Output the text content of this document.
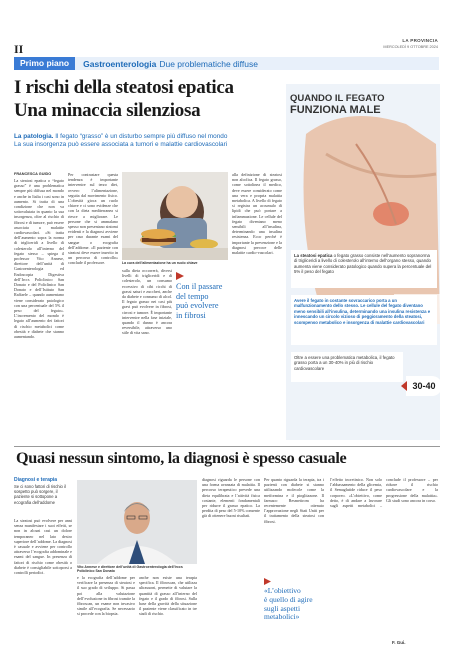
II
LA PROVINCIA
MERCOLEDÌ 9 OTTOBRE 2024
Primo piano	Gastroenterologia Due problematiche diffuse
I rischi della steatosi epatica
Una minaccia silenziosa
La patologia. Il fegato “grasso” è un disturbo sempre più diffuso nel mondo
La sua insorgenza può essere associata a tumori e malattie cardiovascolari
FRANCESCA GUIDO
La steatosi epatica o “fegato grasso” è una problematica sempre più diffusa nel mondo e anche in Italia i casi sono in aumento. Si tratta di una condizione che non va sottovalutata in quanto la sua insorgenza, oltre al rischio di fibrosi e di tumore, può essere associata a malattie cardiovascolari. «Si tratta dell’aumento sopra la norma di trigliceridi a livello di colesterolo all’interno del fegato stesso – spiega il professor Vito Annese, direttore dell’unità di Gastroenterologia ed Endoscopia Digestiva dell’Irccs Policlinico San Donato e del Policlinico San Donato e dell’Istituto San Raffaele – quando aumentano viene considerato patologico con una percentuale del 5% il peso del fegato». L’incremento del mondo è legato all’aumento dei fattori di rischio metabolici come obesità e diabete che stanno aumentando.
Per contrastare questa tendenza è importante intervenire sul terzo diet, ovvero l’alimentazione, seguita dal movimento fisico. L’obesità gioca un ruolo chiave e ci sono evidenze che con la dieta mediterranea si riesce a migliorare. Le persone che si ammalano spesso non presentano sintomi evidenti e la diagnosi avviene per caso durante esami del sangue o ecografia dell’addome. «Il paziente con steatosi deve essere inserito in un percorso di controllo» conclude il professore.	La cura dell’alimentazione ha un ruolo chiave
sulla dieta occorrerà, diversi livelli di trigliceridi e di colesterolo, un consumo eccessivo di cibi ricchi di grassi saturi e zuccheri, anche da diabete e consumo di alcol. Il fegato grasso nei casi più gravi può evolvere in fibrosi, cirrosi e tumore. È importante intervenire nella fase iniziale, quando il danno è ancora reversibile, attraverso uno stile di vita sano.
Con il passare
del tempo
può evolvere
in fibrosi
alla definizione di steatosi non alcolica. Il fegato grasso, come sottolinea il medico, deve essere considerato come una vera e propria malattia metabolica. A livello di fegato si registra un accumulo di lipidi che può portare a infiammazione. Le cellule del fegato diventano meno sensibili all’insulina, determinando una insulina resistenza. Ecco perché è importante la prevenzione e la diagnosi precoce delle malattie cardio-vascolari.
QUANDO IL FEGATO
FUNZIONA MALE
La steatosi epatica o fegato grasso consiste nell’aumento sopranorma di trigliceridi a livello di colesterolo all’interno dell’organo stesso, quando aumenta viene considerato patologico quando supera la percentuale del 5% il peso del fegato
Avere il fegato in costante sovraccarico porta a un malfunzionamento dello stesso. Le cellule del fegato diventano meno sensibili all’insulina, determinando una insulina resistenza e innescando un circolo vizioso di peggioramento della steatosi, scompenso metabolico e insorgenza di malattie cardiovascolari
Oltre a essere una problematica metabolica, il fegato grasso porta a un 30-40% in più di rischio cardiovascolare
30-40
Quasi nessun sintomo, la diagnosi è spesso casuale
Diagnosi e terapia
Se ci sono fattori di rischio il sospetto può sorgere, il paziente si sottopone a ecografia dell’addome
La steatosi può evolvere per anni senza manifestare i suoi effetti, se non in alcuni casi un dolore temporaneo nel lato destro superiore dell’addome. La diagnosi è casuale e avviene per controllo attraverso l’ecografia addominale e esami del sangue. In presenza di fattori di rischio come obesità o diabete è consigliabile sottoporsi a controlli periodici.
Vito Annese e direttore dell’unità di Gastroenterologia dell’Irccs Policlinico San Donato
e la ecografia dell’addome per verificare la presenza di steatosi e il suo grado di sviluppo. Si passa poi alla valutazione dell’evoluzione in fibrosi tramite la fibroscan, un esame non invasivo simile all’ecografia. Se necessario si procede con la biopsia.
anche non esiste una terapia specifica. Il fibroscan, che utilizza ultrasuoni, permette di valutare la quantità di grasso all’interno del fegato e il grado di fibrosi. Sulla base della gravità della situazione il paziente viene classificato in tre stadi di rischio.
diagnosi riguarda le persone con una forma avanzata di malattia. Il percorso terapeutico prevede una dieta equilibrata e l’attività fisica costante, elementi fondamentali per ridurre il grasso epatico. La perdita di peso del 5-10% consente già di ottenere buoni risultati.
Per quanto riguarda la terapia, tra i pazienti con diabete si stanno utilizzando molecole come la metformina e il pioglitazone. Il farmaco Resmetirom ha recentemente ottenuto l’approvazione negli Stati Uniti per il trattamento della steatosi con fibrosi.
«L’obiettivo
è quello di agire
sugli aspetti
metabolici»
l’effetto incretinico. Non solo l’abbassamento della glicemia, il Semaglutide riduce il peso corporeo. «L’obiettivo, come detto, è di andare a lavorare sugli aspetti metabolici – conclude il professore – per ridurre il rischio cardiovascolare e la progressione della malattia». Gli studi sono ancora in corso.
F. Gui.
